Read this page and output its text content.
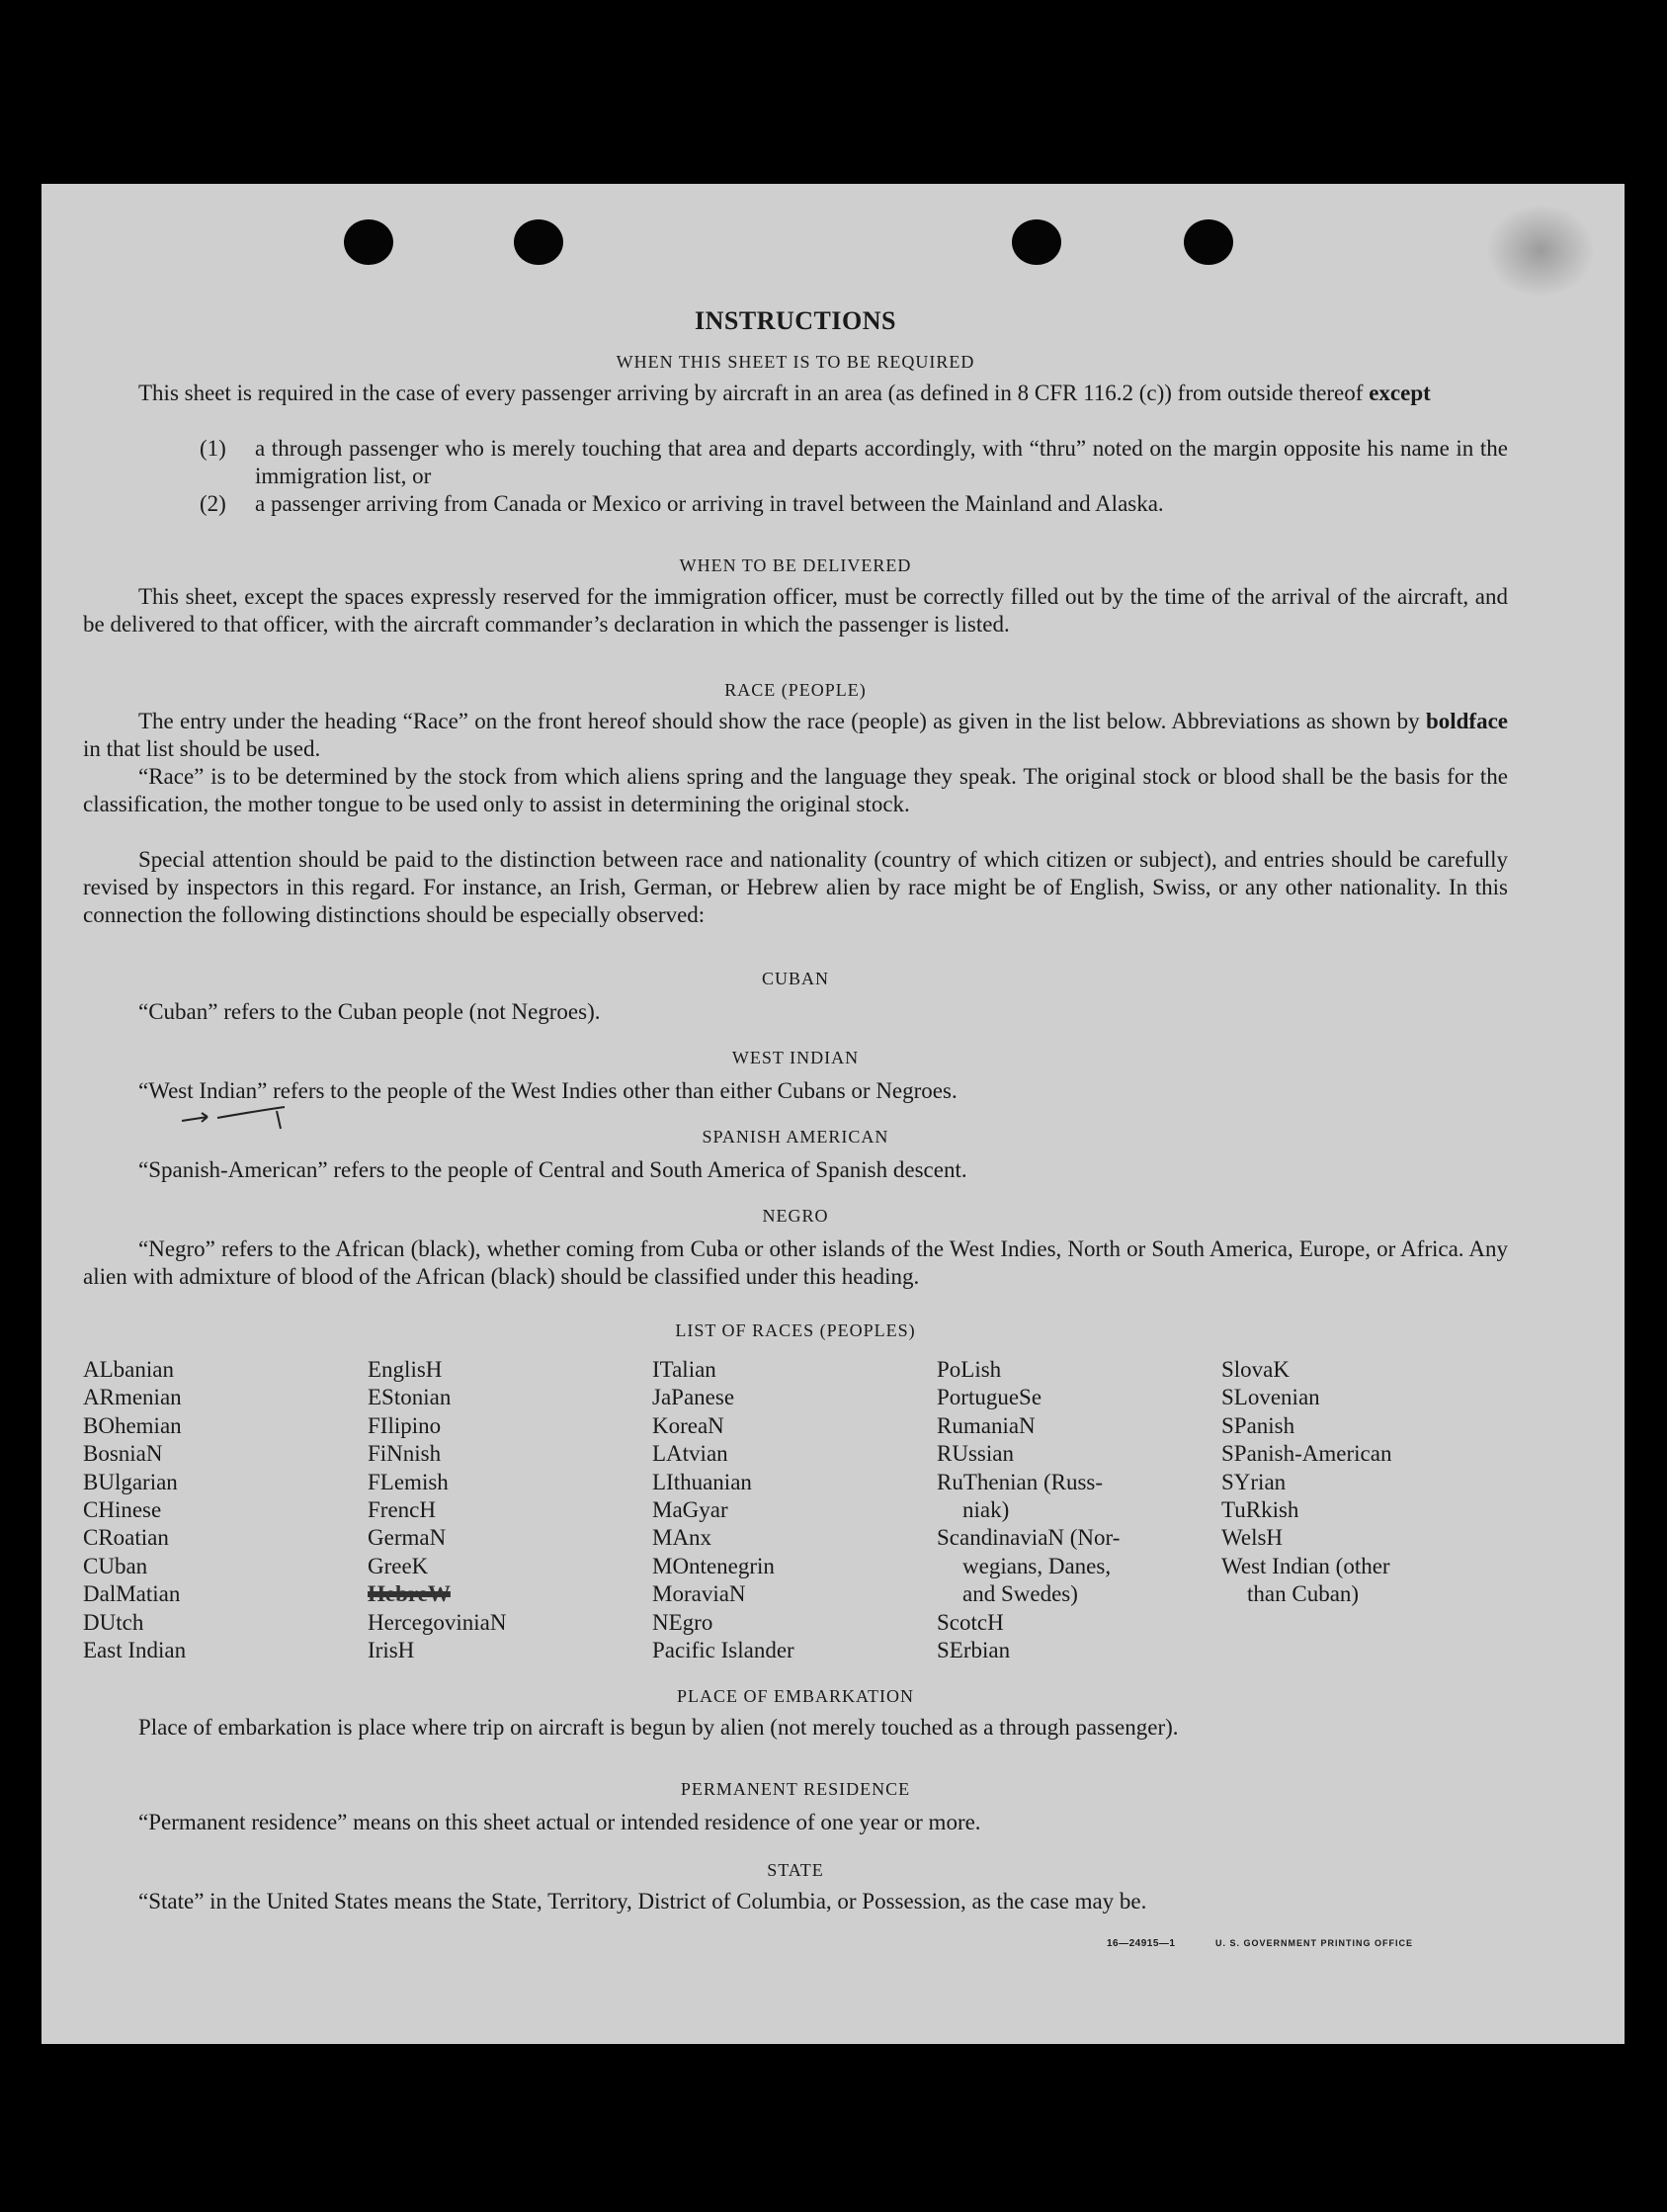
INSTRUCTIONS
WHEN THIS SHEET IS TO BE REQUIRED
This sheet is required in the case of every passenger arriving by aircraft in an area (as defined in 8 CFR 116.2 (c)) from outside thereof except
(1) a through passenger who is merely touching that area and departs accordingly, with “thru” noted on the margin opposite his name in the immigration list, or
(2) a passenger arriving from Canada or Mexico or arriving in travel between the Mainland and Alaska.
WHEN TO BE DELIVERED
This sheet, except the spaces expressly reserved for the immigration officer, must be correctly filled out by the time of the arrival of the aircraft, and be delivered to that officer, with the aircraft commander’s declaration in which the passenger is listed.
RACE (PEOPLE)
The entry under the heading “Race” on the front hereof should show the race (people) as given in the list below. Abbreviations as shown by boldface in that list should be used.
“Race” is to be determined by the stock from which aliens spring and the language they speak. The original stock or blood shall be the basis for the classification, the mother tongue to be used only to assist in determining the original stock.
Special attention should be paid to the distinction between race and nationality (country of which citizen or subject), and entries should be carefully revised by inspectors in this regard. For instance, an Irish, German, or Hebrew alien by race might be of English, Swiss, or any other nationality. In this connection the following distinctions should be especially observed:
CUBAN
“Cuban” refers to the Cuban people (not Negroes).
WEST INDIAN
“West Indian” refers to the people of the West Indies other than either Cubans or Negroes.
SPANISH AMERICAN
“Spanish-American” refers to the people of Central and South America of Spanish descent.
NEGRO
“Negro” refers to the African (black), whether coming from Cuba or other islands of the West Indies, North or South America, Europe, or Africa. Any alien with admixture of blood of the African (black) should be classified under this heading.
LIST OF RACES (PEOPLES)
ALbanian
ARmenian
BOhemian
BosniaN
BUlgarian
CHinese
CRoatian
CUban
DalMatian
DUtch
East Indian
EnglisH
EStonian
FIlipino
FiNnish
FLemish
FrencH
GermaN
GreeK
HebreW
HercegoviniaN
IrisH
ITalian
JaPanese
KoreaN
LAtvian
LIthuanian
MaGyar
MAnx
MOntenegrin
MoraviaN
NEgro
Pacific Islander
PoLish
PortugueSe
RumaniaN
RUssian
RuThenian (Russ-
niak)
ScandinaviaN (Nor-
wegians, Danes,
and Swedes)
ScotcH
SErbian
SlovaK
SLovenian
SPanish
SPanish-American
SYrian
TuRkish
WelsH
West Indian (other
than Cuban)
PLACE OF EMBARKATION
Place of embarkation is place where trip on aircraft is begun by alien (not merely touched as a through passenger).
PERMANENT RESIDENCE
“Permanent residence” means on this sheet actual or intended residence of one year or more.
STATE
“State” in the United States means the State, Territory, District of Columbia, or Possession, as the case may be.
16—24915—1	U. S. GOVERNMENT PRINTING OFFICE
